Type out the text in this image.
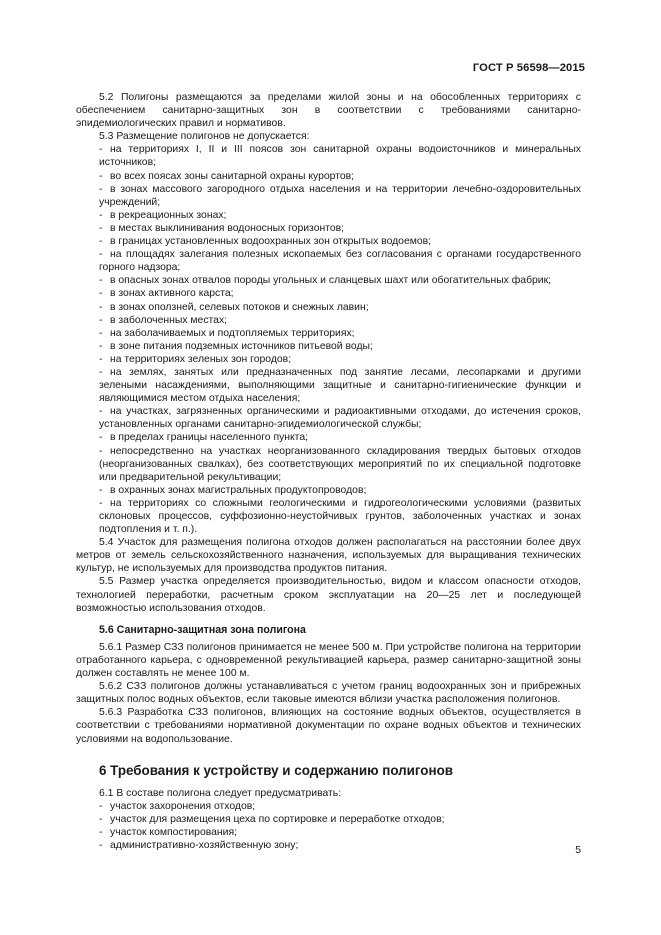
ГОСТ Р 56598—2015

5.2 Полигоны размещаются за пределами жилой зоны и на обособленных территориях с обеспечением санитарно-защитных зон в соответствии с требованиями санитарно-эпидемиологических правил и нормативов.

5.3 Размещение полигонов не допускается:

- на территориях I, II и III поясов зон санитарной охраны водоисточников и минеральных источников;

- во всех поясах зоны санитарной охраны курортов;

- в зонах массового загородного отдыха населения и на территории лечебно-оздоровительных учреждений;

- в рекреационных зонах;

- в местах выклинивания водоносных горизонтов;

- в границах установленных водоохранных зон открытых водоемов;

- на площадях залегания полезных ископаемых без согласования с органами государственного горного надзора;

- в опасных зонах отвалов породы угольных и сланцевых шахт или обогатительных фабрик;

- в зонах активного карста;

- в зонах оползней, селевых потоков и снежных лавин;

- в заболоченных местах;

- на заболачиваемых и подтопляемых территориях;

- в зоне питания подземных источников питьевой воды;

- на территориях зеленых зон городов;

- на землях, занятых или предназначенных под занятие лесами, лесопарками и другими зелеными насаждениями, выполняющими защитные и санитарно-гигиенические функции и являющимися местом отдыха населения;

- на участках, загрязненных органическими и радиоактивными отходами, до истечения сроков, установленных органами санитарно-эпидемиологической службы;

- в пределах границы населенного пункта;

- непосредственно на участках неорганизованного складирования твердых бытовых отходов (неорганизованных свалках), без соответствующих мероприятий по их специальной подготовке или предварительной рекультивации;

- в охранных зонах магистральных продуктопроводов;

- на территориях со сложными геологическими и гидрогеологическими условиями (развитых склоновых процессов, суффозионно-неустойчивых грунтов, заболоченных участках и зонах подтопления и т. п.).

5.4 Участок для размещения полигона отходов должен располагаться на расстоянии более двух метров от земель сельскохозяйственного назначения, используемых для выращивания технических культур, не используемых для производства продуктов питания.

5.5 Размер участка определяется производительностью, видом и классом опасности отходов, технологией переработки, расчетным сроком эксплуатации на 20—25 лет и последующей возможностью использования отходов.

5.6 Санитарно-защитная зона полигона

5.6.1 Размер СЗЗ полигонов принимается не менее 500 м. При устройстве полигона на территории отработанного карьера, с одновременной рекультивацией карьера, размер санитарно-защитной зоны должен составлять не менее 100 м.

5.6.2 СЗЗ полигонов должны устанавливаться с учетом границ водоохранных зон и прибрежных защитных полос водных объектов, если таковые имеются вблизи участка расположения полигонов.

5.6.3 Разработка СЗЗ полигонов, влияющих на состояние водных объектов, осуществляется в соответствии с требованиями нормативной документации по охране водных объектов и технических условиями на водопользование.

6 Требования к устройству и содержанию полигонов

6.1 В составе полигона следует предусматривать:

- участок захоронения отходов;

- участок для размещения цеха по сортировке и переработке отходов;

- участок компостирования;

- административно-хозяйственную зону;	5
